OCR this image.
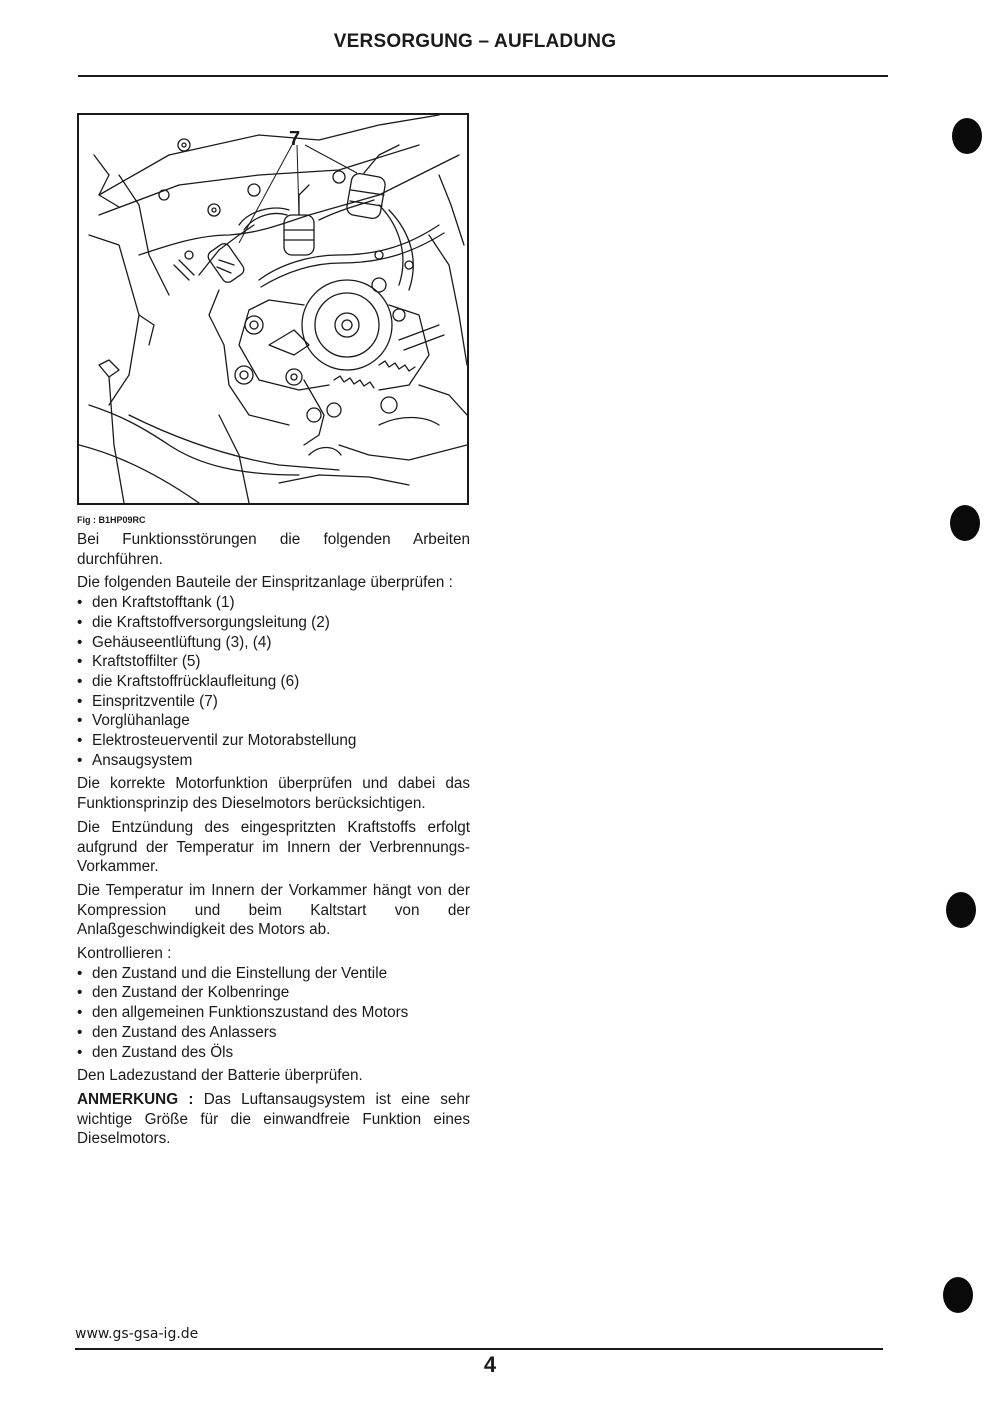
VERSORGUNG – AUFLADUNG
7
Fig : B1HP09RC

Bei Funktionsstörungen die folgenden Arbeiten durchführen.

Die folgenden Bauteile der Einspritzanlage überprüfen :

• den Kraftstofftank (1)
• die Kraftstoffversorgungsleitung (2)
• Gehäuseentlüftung (3), (4)
• Kraftstoffilter (5)
• die Kraftstoffrücklaufleitung (6)
• Einspritzventile (7)
• Vorglühanlage
• Elektrosteuerventil zur Motorabstellung
• Ansaugsystem

Die korrekte Motorfunktion überprüfen und dabei das Funktionsprinzip des Dieselmotors berücksichtigen.

Die Entzündung des eingespritzten Kraftstoffs erfolgt aufgrund der Temperatur im Innern der Verbrennungs-Vorkammer.

Die Temperatur im Innern der Vorkammer hängt von der Kompression und beim Kaltstart von der Anlaßgeschwindigkeit des Motors ab.

Kontrollieren :

• den Zustand und die Einstellung der Ventile
• den Zustand der Kolbenringe
• den allgemeinen Funktionszustand des Motors
• den Zustand des Anlassers
• den Zustand des Öls

Den Ladezustand der Batterie überprüfen.

ANMERKUNG : Das Luftansaugsystem ist eine sehr wichtige Größe für die einwandfreie Funktion eines Dieselmotors.

www.gs-gsa-ig.de
4
